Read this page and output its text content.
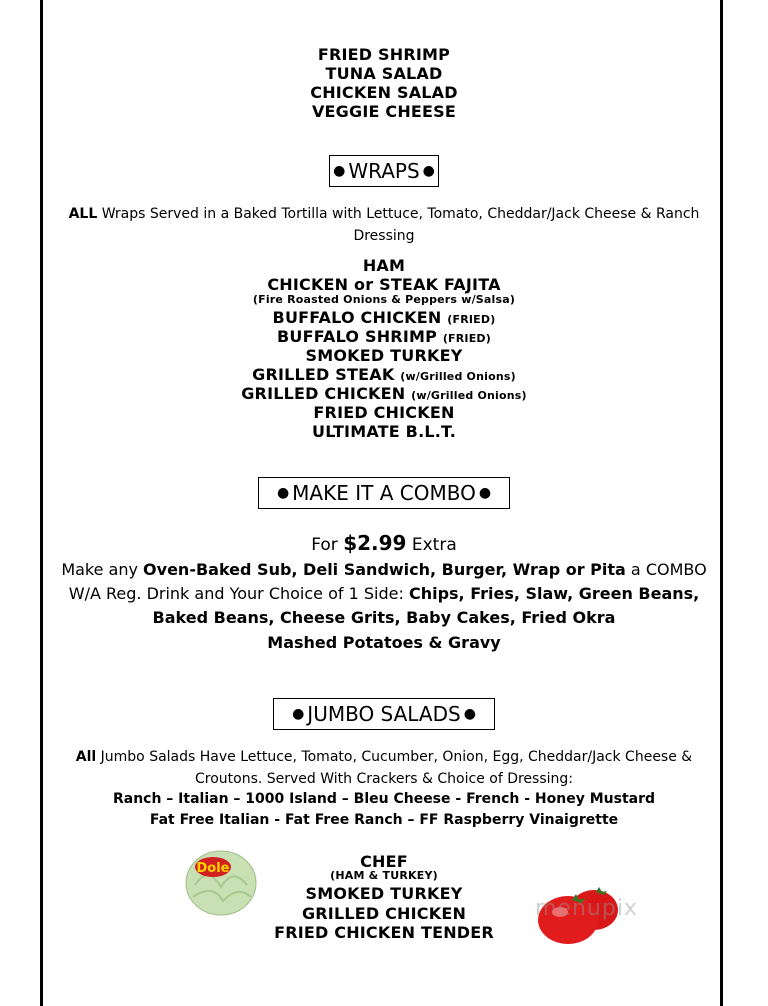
FRIED SHRIMP
TUNA SALAD
CHICKEN SALAD
VEGGIE CHEESE
● WRAPS ●
ALL Wraps Served in a Baked Tortilla with Lettuce, Tomato, Cheddar/Jack Cheese & Ranch
Dressing
HAM
CHICKEN or STEAK FAJITA
(Fire Roasted Onions & Peppers w/Salsa)
BUFFALO CHICKEN (FRIED)
BUFFALO SHRIMP (FRIED)
SMOKED TURKEY
GRILLED STEAK (w/Grilled Onions)
GRILLED CHICKEN (w/Grilled Onions)
FRIED CHICKEN
ULTIMATE B.L.T.
● MAKE IT A COMBO ●
For $2.99 Extra
Make any Oven-Baked Sub, Deli Sandwich, Burger, Wrap or Pita a COMBO
W/A Reg. Drink and Your Choice of 1 Side: Chips, Fries, Slaw, Green Beans,
Baked Beans, Cheese Grits, Baby Cakes, Fried Okra
Mashed Potatoes & Gravy
● JUMBO SALADS ●
All Jumbo Salads Have Lettuce, Tomato, Cucumber, Onion, Egg, Cheddar/Jack Cheese &
Croutons. Served With Crackers & Choice of Dressing:
Ranch – Italian – 1000 Island – Bleu Cheese - French - Honey Mustard
Fat Free Italian - Fat Free Ranch – FF Raspberry Vinaigrette
CHEF
(HAM & TURKEY)
SMOKED TURKEY
GRILLED CHICKEN
FRIED CHICKEN TENDER
Dole
menupix
